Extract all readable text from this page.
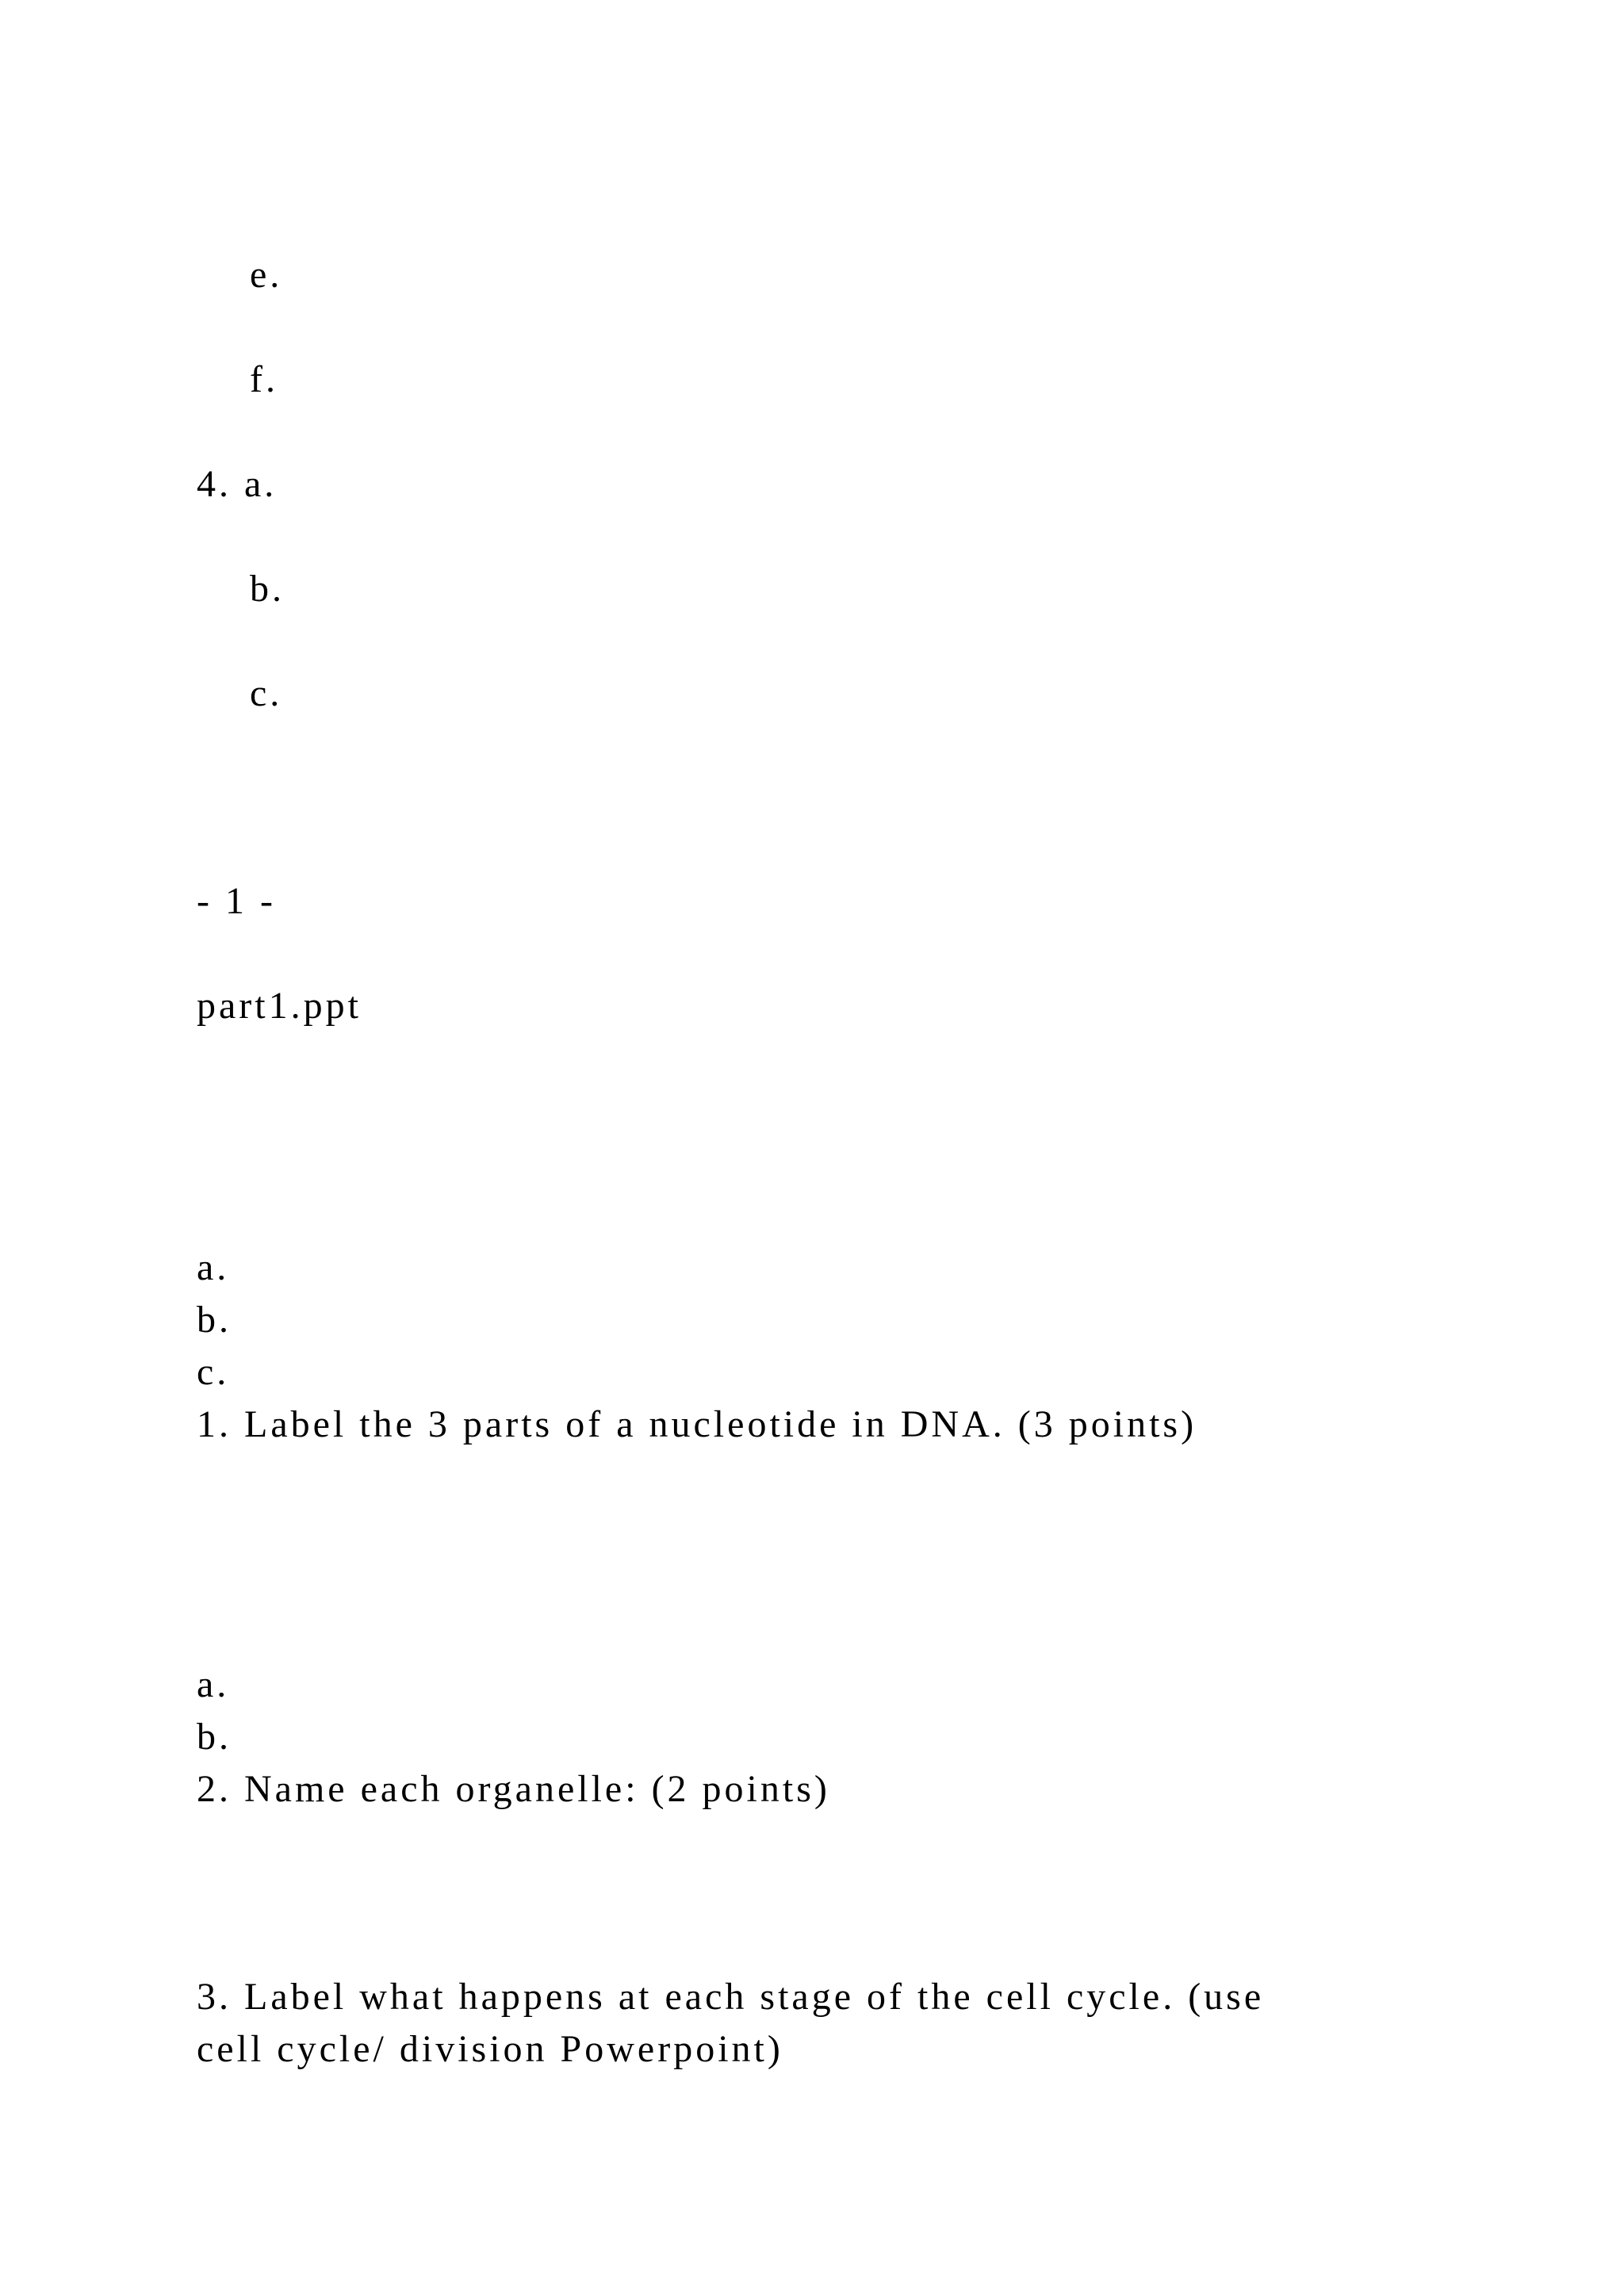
e.

f.

4. a.

b.

c.

- 1 -

part1.ppt

a.

b.

c.

1. Label the 3 parts of a nucleotide in DNA. (3 points)

a.

b.

2. Name each organelle: (2 points)

3. Label what happens at each stage of the cell cycle. (use

cell cycle/ division Powerpoint)
